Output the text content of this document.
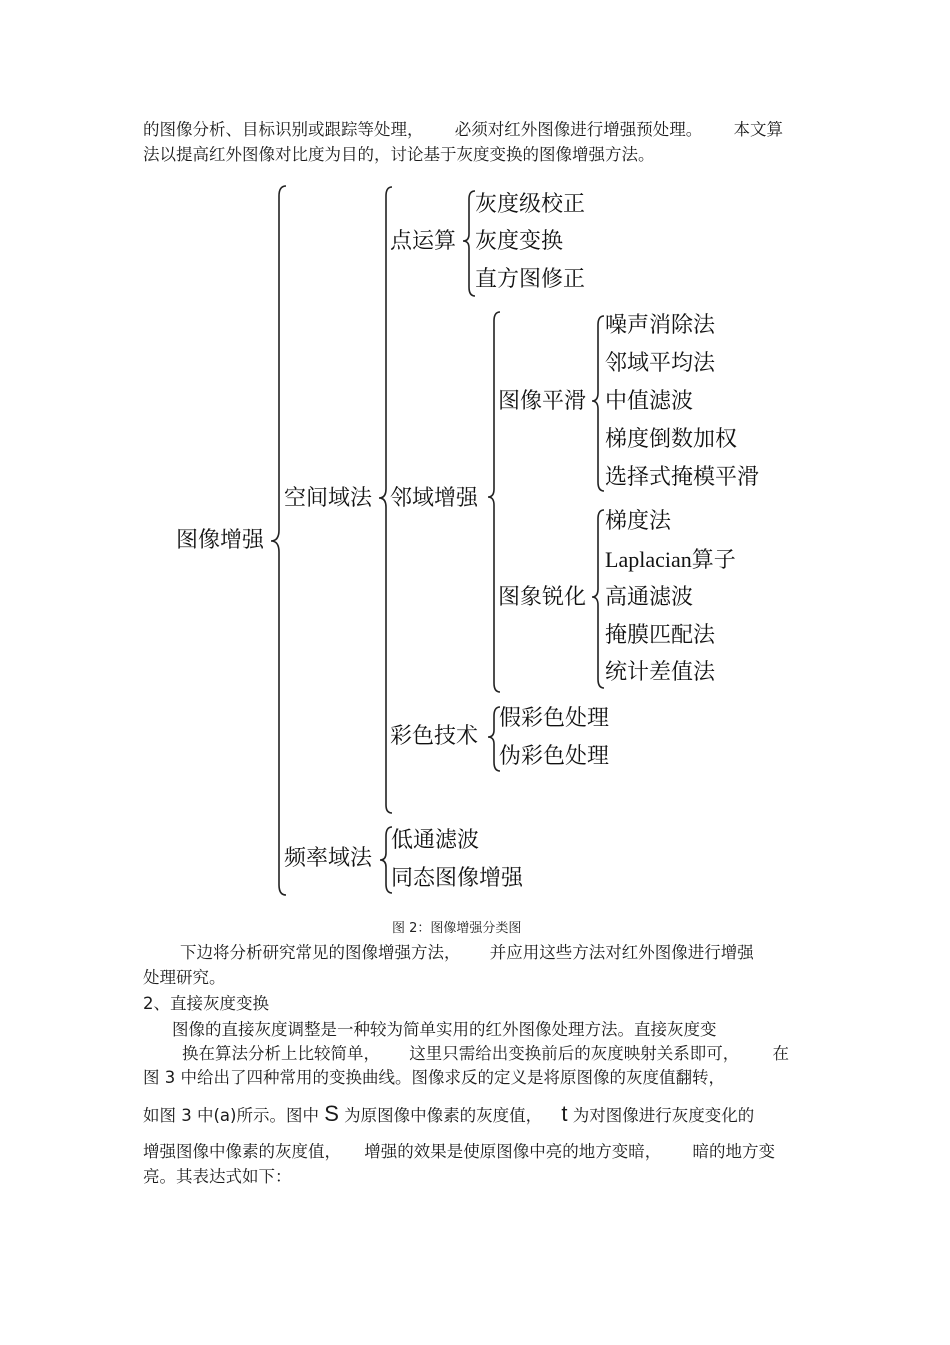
的图像分析、目标识别或跟踪等处理， 必须对红外图像进行增强预处理。 本文算
法以提高红外图像对比度为目的，讨论基于灰度变换的图像增强方法。
图像增强
空间域法
点运算
灰度级校正
灰度变换
直方图修正
邻域增强
图像平滑
噪声消除法
邻域平均法
中值滤波
梯度倒数加权
选择式掩模平滑
图象锐化
梯度法
Laplacian算子
高通滤波
掩膜匹配法
统计差值法
彩色技术
假彩色处理
伪彩色处理
频率域法
低通滤波
同态图像增强
图 2：图像增强分类图
下边将分析研究常见的图像增强方法， 并应用这些方法对红外图像进行增强
处理研究。
2、直接灰度变换
图像的直接灰度调整是一种较为简单实用的红外图像处理方法。直接灰度变
换在算法分析上比较简单， 这里只需给出变换前后的灰度映射关系即可， 在
图 3 中给出了四种常用的变换曲线。图像求反的定义是将原图像的灰度值翻转，
如图 3 中(a)所示。图中 S 为原图像中像素的灰度值， t 为对图像进行灰度变化的
增强图像中像素的灰度值， 增强的效果是使原图像中亮的地方变暗， 暗的地方变
亮。其表达式如下：
